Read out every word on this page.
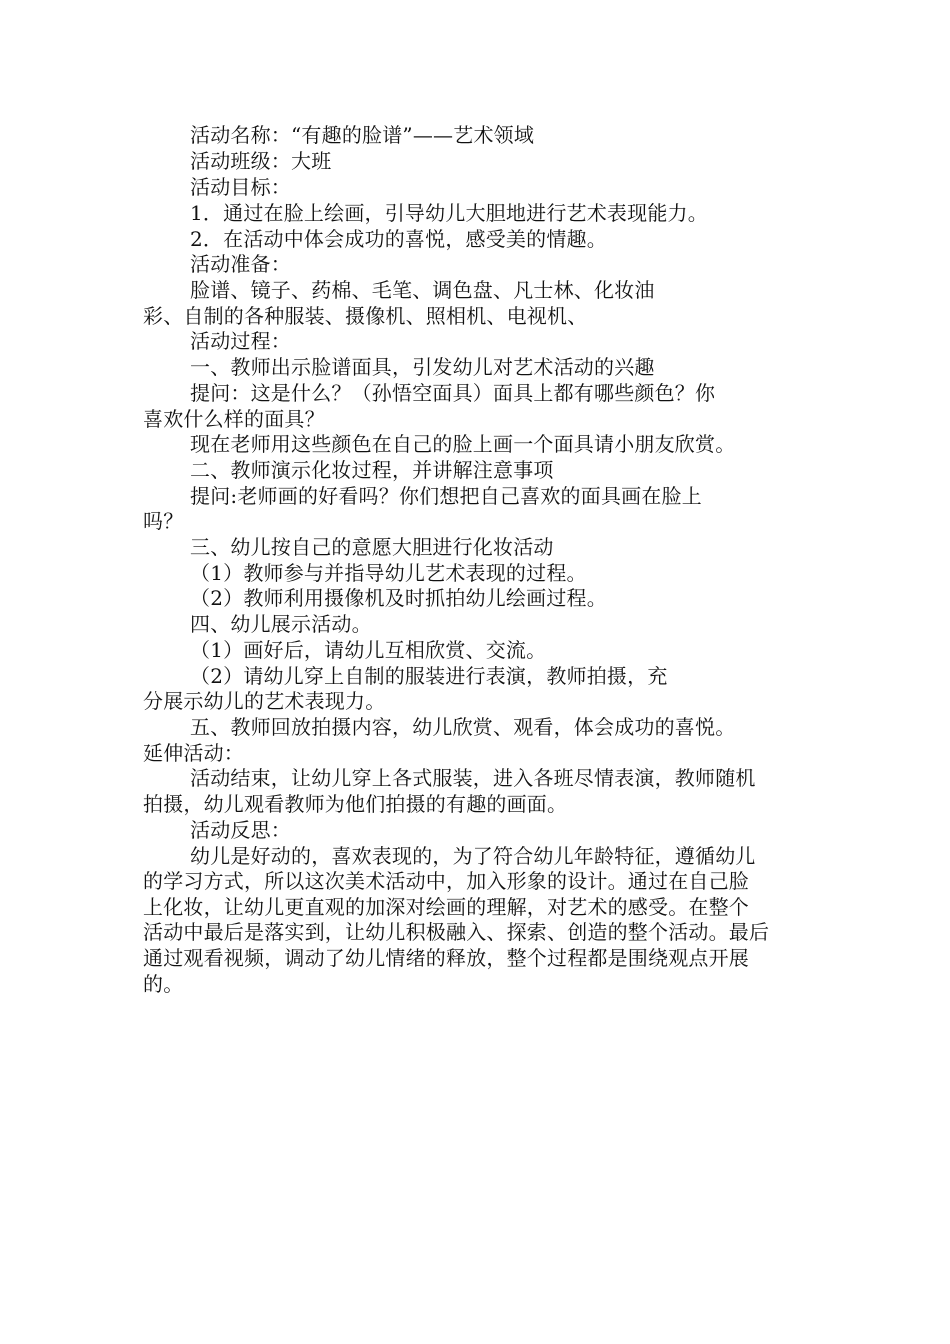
活动名称：“有趣的脸谱”——艺术领域
活动班级：大班
活动目标：
1．通过在脸上绘画，引导幼儿大胆地进行艺术表现能力。
2．在活动中体会成功的喜悦，感受美的情趣。
活动准备：
脸谱、镜子、药棉、毛笔、调色盘、凡士林、化妆油
彩、自制的各种服装、摄像机、照相机、电视机、
活动过程：
一、教师出示脸谱面具，引发幼儿对艺术活动的兴趣
提问：这是什么？（孙悟空面具）面具上都有哪些颜色？你
喜欢什么样的面具？
现在老师用这些颜色在自己的脸上画一个面具请小朋友欣赏。
二、教师演示化妆过程，并讲解注意事项
提问:老师画的好看吗？你们想把自己喜欢的面具画在脸上
吗？
三、幼儿按自己的意愿大胆进行化妆活动
（1）教师参与并指导幼儿艺术表现的过程。
（2）教师利用摄像机及时抓拍幼儿绘画过程。
四、幼儿展示活动。
（1）画好后，请幼儿互相欣赏、交流。
（2）请幼儿穿上自制的服装进行表演，教师拍摄，充
分展示幼儿的艺术表现力。
五、教师回放拍摄内容，幼儿欣赏、观看，体会成功的喜悦。
延伸活动：
活动结束，让幼儿穿上各式服装，进入各班尽情表演，教师随机
拍摄，幼儿观看教师为他们拍摄的有趣的画面。
活动反思：
幼儿是好动的，喜欢表现的，为了符合幼儿年龄特征，遵循幼儿
的学习方式，所以这次美术活动中，加入形象的设计。通过在自己脸
上化妆，让幼儿更直观的加深对绘画的理解，对艺术的感受。在整个
活动中最后是落实到，让幼儿积极融入、探索、创造的整个活动。最后
通过观看视频，调动了幼儿情绪的释放，整个过程都是围绕观点开展
的。
